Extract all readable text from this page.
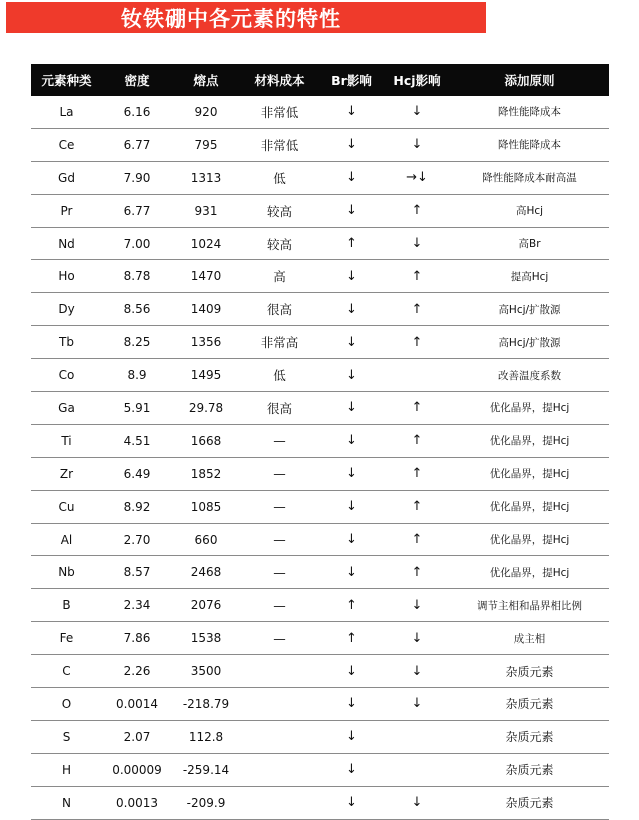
钕铁硼中各元素的特性
元素种类	密度	熔点	材料成本	Br影响	Hcj影响	添加原则
La	6.16	920	非常低	↓	↓	降性能降成本
Ce	6.77	795	非常低	↓	↓	降性能降成本
Gd	7.90	1313	低	↓	→↓	降性能降成本耐高温
Pr	6.77	931	较高	↓	↑	高Hcj
Nd	7.00	1024	较高	↑	↓	高Br
Ho	8.78	1470	高	↓	↑	提高Hcj
Dy	8.56	1409	很高	↓	↑	高Hcj/扩散源
Tb	8.25	1356	非常高	↓	↑	高Hcj/扩散源
Co	8.9	1495	低	↓		改善温度系数
Ga	5.91	29.78	很高	↓	↑	优化晶界，提Hcj
Ti	4.51	1668	—	↓	↑	优化晶界，提Hcj
Zr	6.49	1852	—	↓	↑	优化晶界，提Hcj
Cu	8.92	1085	—	↓	↑	优化晶界，提Hcj
Al	2.70	660	—	↓	↑	优化晶界，提Hcj
Nb	8.57	2468	—	↓	↑	优化晶界，提Hcj
B	2.34	2076	—	↑	↓	调节主相和晶界相比例
Fe	7.86	1538	—	↑	↓	成主相
C	2.26	3500		↓	↓	杂质元素
O	0.0014	-218.79		↓	↓	杂质元素
S	2.07	112.8		↓		杂质元素
H	0.00009	-259.14		↓		杂质元素
N	0.0013	-209.9		↓	↓	杂质元素
